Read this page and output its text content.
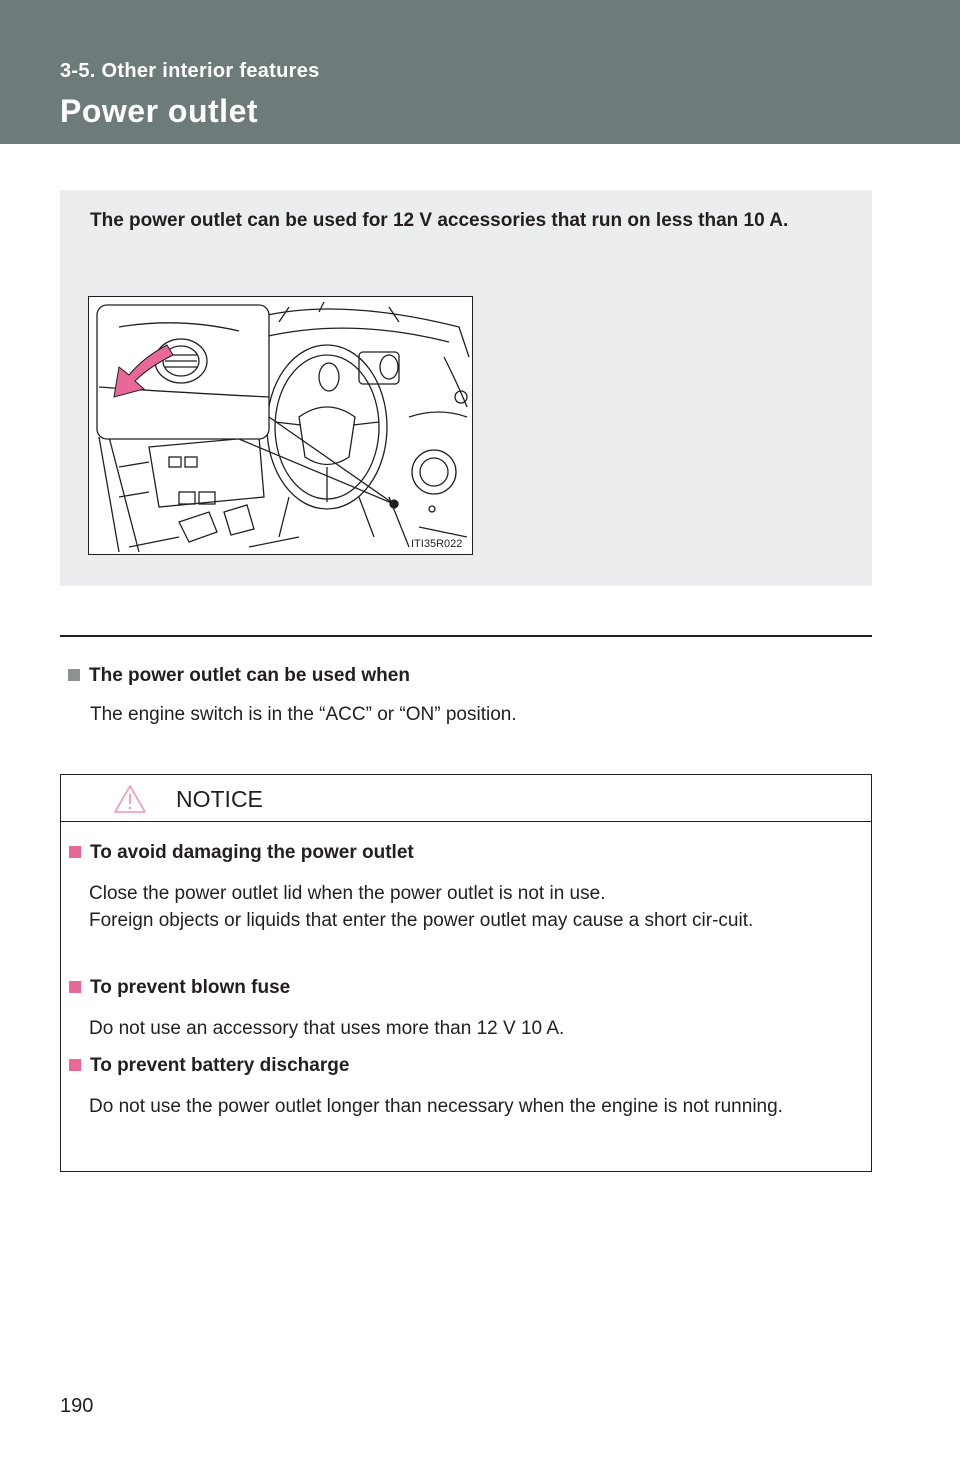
3-5. Other interior features
Power outlet
The power outlet can be used for 12 V accessories that run on less than 10 A.
ITI35R022
The power outlet can be used when
The engine switch is in the “ACC” or “ON” position.
NOTICE
To avoid damaging the power outlet
Close the power outlet lid when the power outlet is not in use.
Foreign objects or liquids that enter the power outlet may cause a short cir-cuit.
To prevent blown fuse
Do not use an accessory that uses more than 12 V 10 A.
To prevent battery discharge
Do not use the power outlet longer than necessary when the engine is not running.
190
